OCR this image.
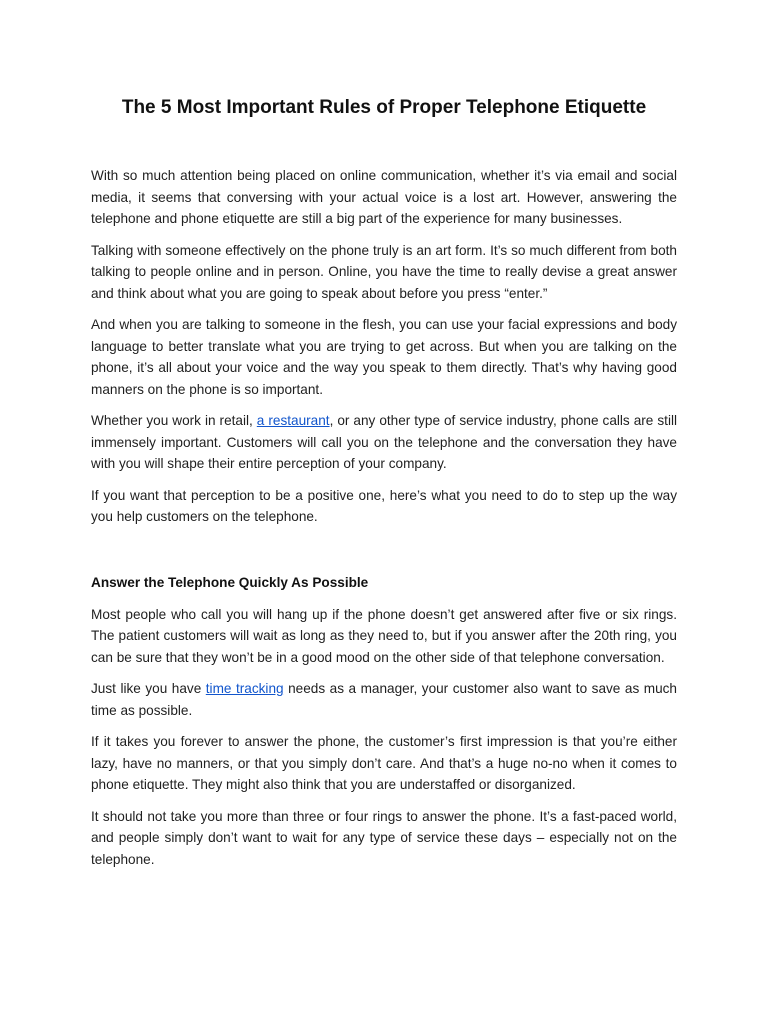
The 5 Most Important Rules of Proper Telephone Etiquette

With so much attention being placed on online communication, whether it’s via email and social media, it seems that conversing with your actual voice is a lost art. However, answering the telephone and phone etiquette are still a big part of the experience for many businesses.

Talking with someone effectively on the phone truly is an art form. It’s so much different from both talking to people online and in person. Online, you have the time to really devise a great answer and think about what you are going to speak about before you press “enter.”

And when you are talking to someone in the flesh, you can use your facial expressions and body language to better translate what you are trying to get across. But when you are talking on the phone, it’s all about your voice and the way you speak to them directly. That’s why having good manners on the phone is so important.

Whether you work in retail, a restaurant, or any other type of service industry, phone calls are still immensely important. Customers will call you on the telephone and the conversation they have with you will shape their entire perception of your company.

If you want that perception to be a positive one, here’s what you need to do to step up the way you help customers on the telephone.

Answer the Telephone Quickly As Possible

Most people who call you will hang up if the phone doesn’t get answered after five or six rings. The patient customers will wait as long as they need to, but if you answer after the 20th ring, you can be sure that they won’t be in a good mood on the other side of that telephone conversation.

Just like you have time tracking needs as a manager, your customer also want to save as much time as possible.

If it takes you forever to answer the phone, the customer’s first impression is that you’re either lazy, have no manners, or that you simply don’t care. And that’s a huge no-no when it comes to phone etiquette. They might also think that you are understaffed or disorganized.

It should not take you more than three or four rings to answer the phone. It’s a fast-paced world, and people simply don’t want to wait for any type of service these days – especially not on the telephone.
